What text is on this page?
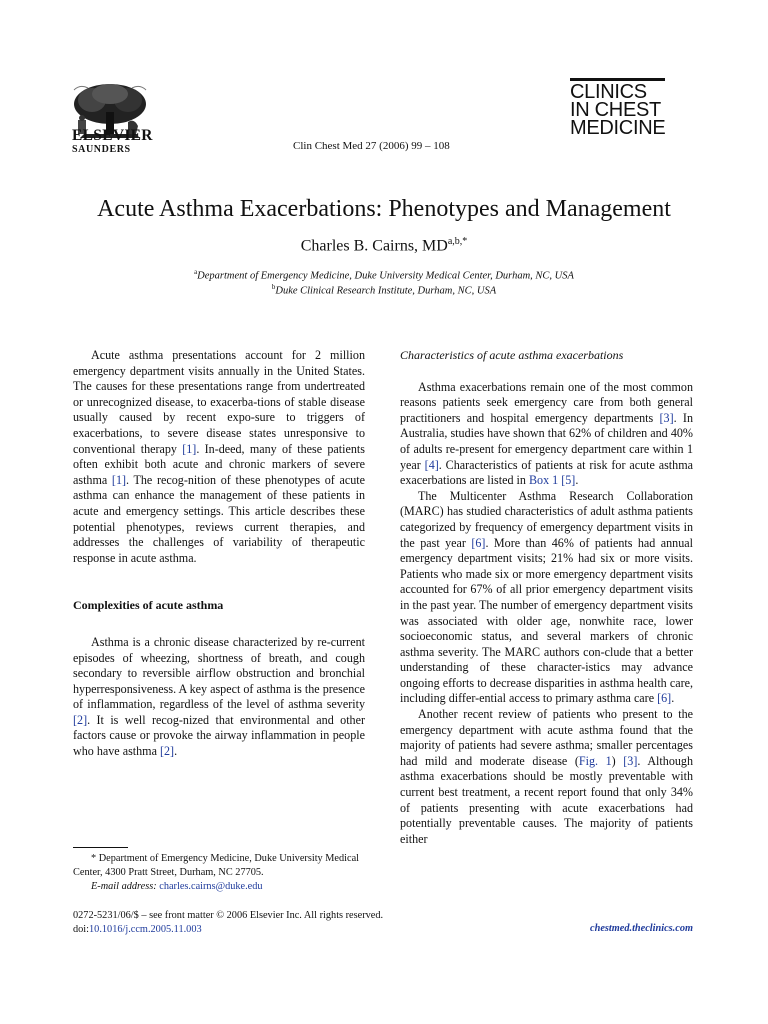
ELSEVIER
SAUNDERS	Clin Chest Med 27 (2006) 99 – 108
CLINICS
IN CHEST
MEDICINE
Acute Asthma Exacerbations: Phenotypes and Management
Charles B. Cairns, $MD^{a,b,*}$
$^a$Department of Emergency Medicine, Duke University Medical Center, Durham, NC, USA
$^b$Duke Clinical Research Institute, Durham, NC, USA

Acute asthma presentations account for 2 million emergency department visits annually in the United States. The causes for these presentations range from undertreated or unrecognized disease, to exacerba-tions of stable disease usually caused by recent expo-sure to triggers of exacerbations, to severe disease states unresponsive to conventional therapy [1]. In-deed, many of these patients often exhibit both acute and chronic markers of severe asthma [1]. The recog-nition of these phenotypes of acute asthma can enhance the management of these patients in acute and emergency settings. This article describes these potential phenotypes, reviews current therapies, and addresses the challenges of variability of therapeutic response in acute asthma.

Complexities of acute asthma

Asthma is a chronic disease characterized by re-current episodes of wheezing, shortness of breath, and cough secondary to reversible airflow obstruction and bronchial hyperresponsiveness. A key aspect of asthma is the presence of inflammation, regardless of the level of asthma severity [2]. It is well recog-nized that environmental and other factors cause or provoke the airway inflammation in people who have asthma [2].

Characteristics of acute asthma exacerbations

Asthma exacerbations remain one of the most common reasons patients seek emergency care from both general practitioners and hospital emergency departments [3]. In Australia, studies have shown that 62% of children and 40% of adults re-present for emergency department care within 1 year [4]. Characteristics of patients at risk for acute asthma exacerbations are listed in Box 1 [5].

The Multicenter Asthma Research Collaboration (MARC) has studied characteristics of adult asthma patients categorized by frequency of emergency department visits in the past year [6]. More than 46% of patients had annual emergency department visits; 21% had six or more visits. Patients who made six or more emergency department visits accounted for 67% of all prior emergency department visits in the past year. The number of emergency department visits was associated with older age, nonwhite race, lower socioeconomic status, and several markers of chronic asthma severity. The MARC authors con-clude that a better understanding of these character-istics may advance ongoing efforts to decrease disparities in asthma health care, including differ-ential access to primary asthma care [6].

Another recent review of patients who present to the emergency department with acute asthma found that the majority of patients had severe asthma; smaller percentages had mild and moderate disease (Fig. 1) [3]. Although asthma exacerbations should be mostly preventable with current best treatment, a recent report found that only 34% of patients presenting with acute exacerbations had potentially preventable causes. The majority of patients either

* Department of Emergency Medicine, Duke University Medical Center, 4300 Pratt Street, Durham, NC 27705.
E-mail address: charles.cairns@duke.edu
0272-5231/06/$ – see front matter © 2006 Elsevier Inc. All rights reserved.
doi:10.1016/j.ccm.2005.11.003	chestmed.theclinics.com
